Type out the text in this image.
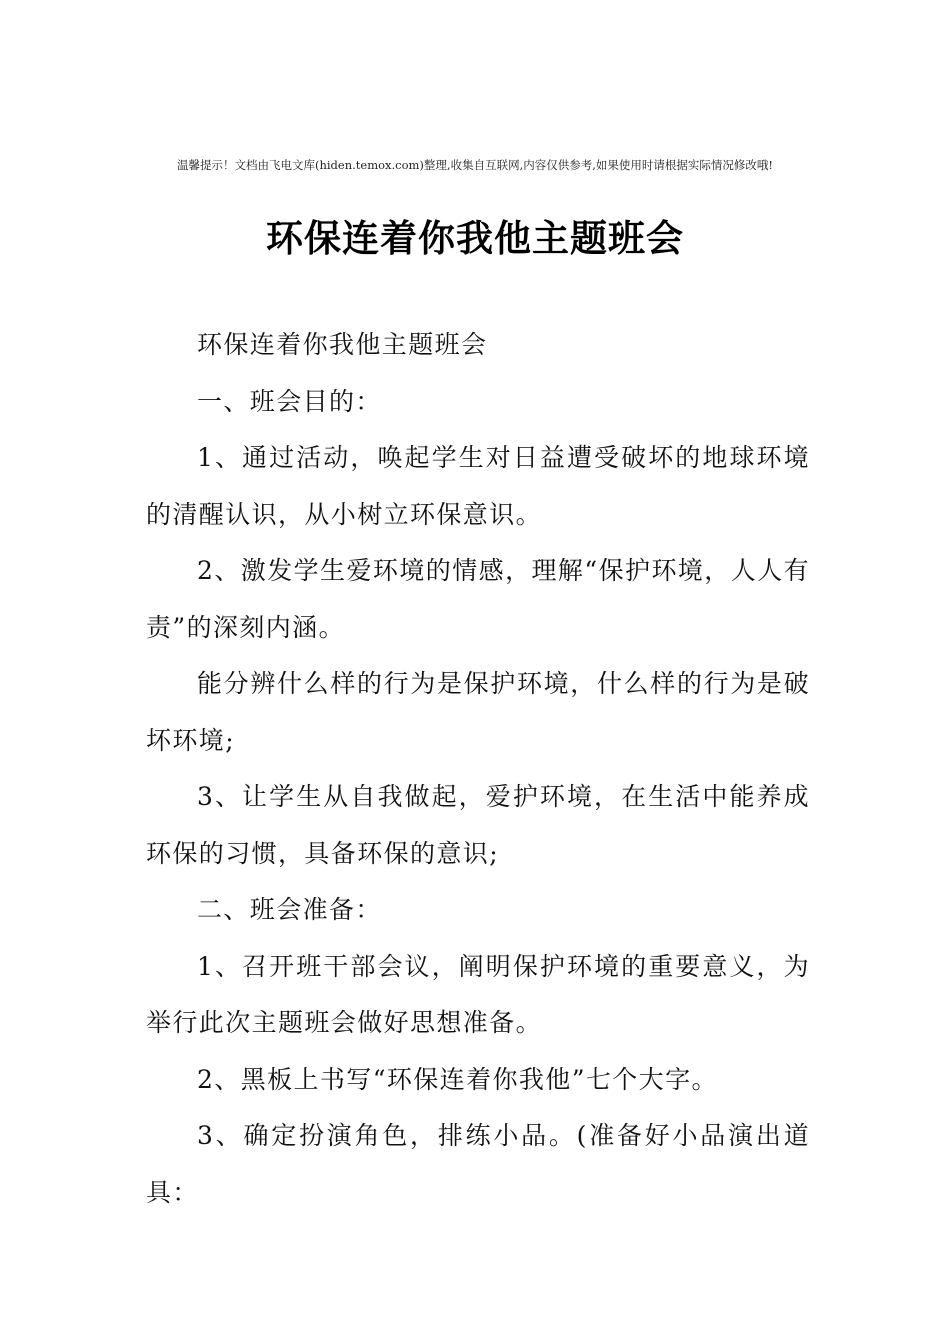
温馨提示！文档由飞电文库(hiden.temox.com)整理,收集自互联网,内容仅供参考,如果使用时请根据实际情况修改哦!
环保连着你我他主题班会

环保连着你我他主题班会

一、班会目的：

1、通过活动，唤起学生对日益遭受破坏的地球环境的清醒认识，从小树立环保意识。

2、激发学生爱环境的情感，理解“保护环境，人人有责”的深刻内涵。

能分辨什么样的行为是保护环境，什么样的行为是破坏环境;

3、让学生从自我做起，爱护环境，在生活中能养成环保的习惯，具备环保的意识;

二、班会准备：

1、召开班干部会议，阐明保护环境的重要意义，为举行此次主题班会做好思想准备。

2、黑板上书写“环保连着你我他”七个大字。

3、确定扮演角色，排练小品。(准备好小品演出道具：
